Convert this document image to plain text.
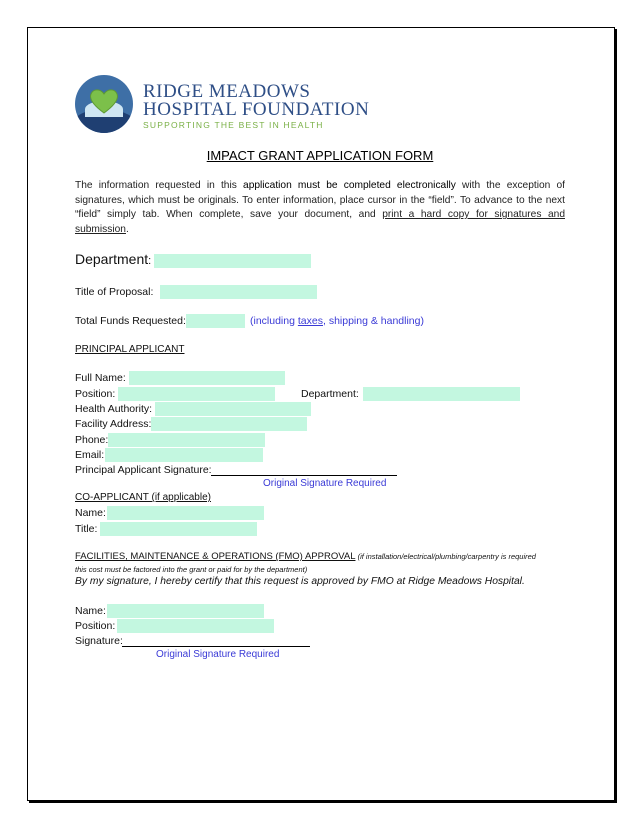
RIDGE MEADOWS
HOSPITAL FOUNDATION
SUPPORTING THE BEST IN HEALTH
IMPACT GRANT APPLICATION FORM
The information requested in this application must be completed electronically with the exception of signatures, which must be originals. To enter information, place cursor in the “field”. To advance to the next “field” simply tab. When complete, save your document, and print a hard copy for signatures and submission.
Department:
Title of Proposal:
Total Funds Requested:	(including taxes, shipping & handling)
PRINCIPAL APPLICANT
Full Name:
Position:	Department:
Health Authority:
Facility Address:
Phone:
Email:
Principal Applicant Signature:
Original Signature Required
CO-APPLICANT (if applicable)
Name:
Title:
FACILITIES, MAINTENANCE & OPERATIONS (FMO) APPROVAL (if installation/electrical/plumbing/carpentry is required
this cost must be factored into the grant or paid for by the department)
By my signature, I hereby certify that this request is approved by FMO at Ridge Meadows Hospital.
Name:
Position:
Signature:
Original Signature Required
